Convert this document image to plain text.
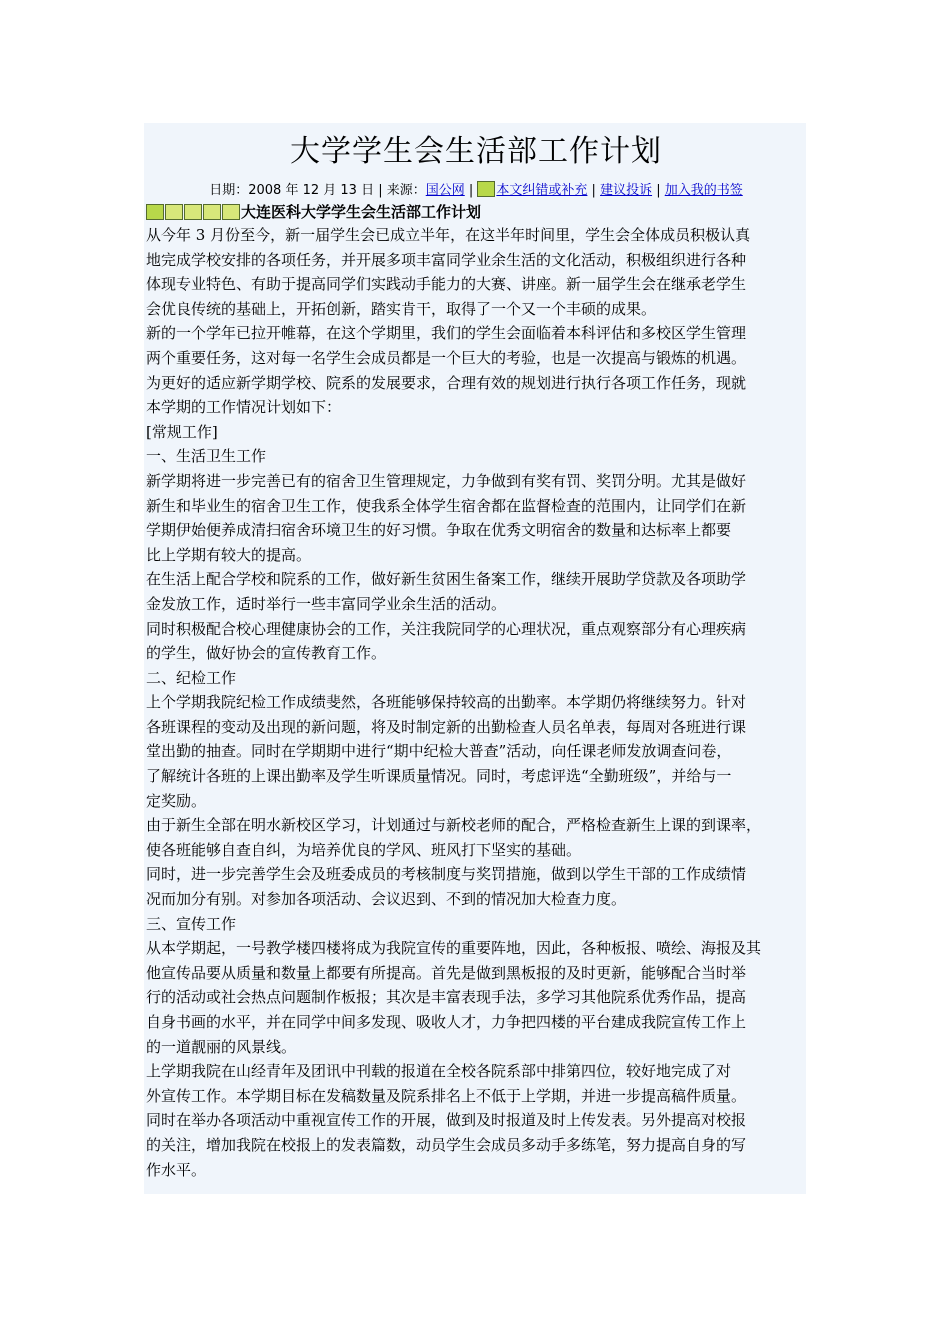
大学学生会生活部工作计划
日期：2008 年 12 月 13 日 | 来源：国公网 | 本文纠错或补充 | 建议投诉 | 加入我的书签
大连医科大学学生会生活部工作计划

从今年 3 月份至今，新一届学生会已成立半年，在这半年时间里，学生会全体成员积极认真

地完成学校安排的各项任务，并开展多项丰富同学业余生活的文化活动，积极组织进行各种

体现专业特色、有助于提高同学们实践动手能力的大赛、讲座。新一届学生会在继承老学生

会优良传统的基础上，开拓创新，踏实肯干，取得了一个又一个丰硕的成果。

新的一个学年已拉开帷幕，在这个学期里，我们的学生会面临着本科评估和多校区学生管理

两个重要任务，这对每一名学生会成员都是一个巨大的考验，也是一次提高与锻炼的机遇。

为更好的适应新学期学校、院系的发展要求，合理有效的规划进行执行各项工作任务，现就

本学期的工作情况计划如下：

[常规工作]

一、生活卫生工作

新学期将进一步完善已有的宿舍卫生管理规定，力争做到有奖有罚、奖罚分明。尤其是做好

新生和毕业生的宿舍卫生工作，使我系全体学生宿舍都在监督检查的范围内，让同学们在新

学期伊始便养成清扫宿舍环境卫生的好习惯。争取在优秀文明宿舍的数量和达标率上都要

比上学期有较大的提高。

在生活上配合学校和院系的工作，做好新生贫困生备案工作，继续开展助学贷款及各项助学

金发放工作，适时举行一些丰富同学业余生活的活动。

同时积极配合校心理健康协会的工作，关注我院同学的心理状况，重点观察部分有心理疾病

的学生，做好协会的宣传教育工作。

二、纪检工作

上个学期我院纪检工作成绩斐然，各班能够保持较高的出勤率。本学期仍将继续努力。针对

各班课程的变动及出现的新问题，将及时制定新的出勤检查人员名单表，每周对各班进行课

堂出勤的抽查。同时在学期期中进行“期中纪检大普查”活动，向任课老师发放调查问卷，

了解统计各班的上课出勤率及学生听课质量情况。同时，考虑评选“全勤班级”，并给与一

定奖励。

由于新生全部在明水新校区学习，计划通过与新校老师的配合，严格检查新生上课的到课率，

使各班能够自查自纠，为培养优良的学风、班风打下坚实的基础。

同时，进一步完善学生会及班委成员的考核制度与奖罚措施，做到以学生干部的工作成绩情

况而加分有别。对参加各项活动、会议迟到、不到的情况加大检查力度。

三、宣传工作

从本学期起，一号教学楼四楼将成为我院宣传的重要阵地，因此，各种板报、喷绘、海报及其

他宣传品要从质量和数量上都要有所提高。首先是做到黑板报的及时更新，能够配合当时举

行的活动或社会热点问题制作板报；其次是丰富表现手法，多学习其他院系优秀作品，提高

自身书画的水平，并在同学中间多发现、吸收人才，力争把四楼的平台建成我院宣传工作上

的一道靓丽的风景线。

上学期我院在山经青年及团讯中刊载的报道在全校各院系部中排第四位，较好地完成了对

外宣传工作。本学期目标在发稿数量及院系排名上不低于上学期，并进一步提高稿件质量。

同时在举办各项活动中重视宣传工作的开展，做到及时报道及时上传发表。另外提高对校报

的关注，增加我院在校报上的发表篇数，动员学生会成员多动手多练笔，努力提高自身的写

作水平。
